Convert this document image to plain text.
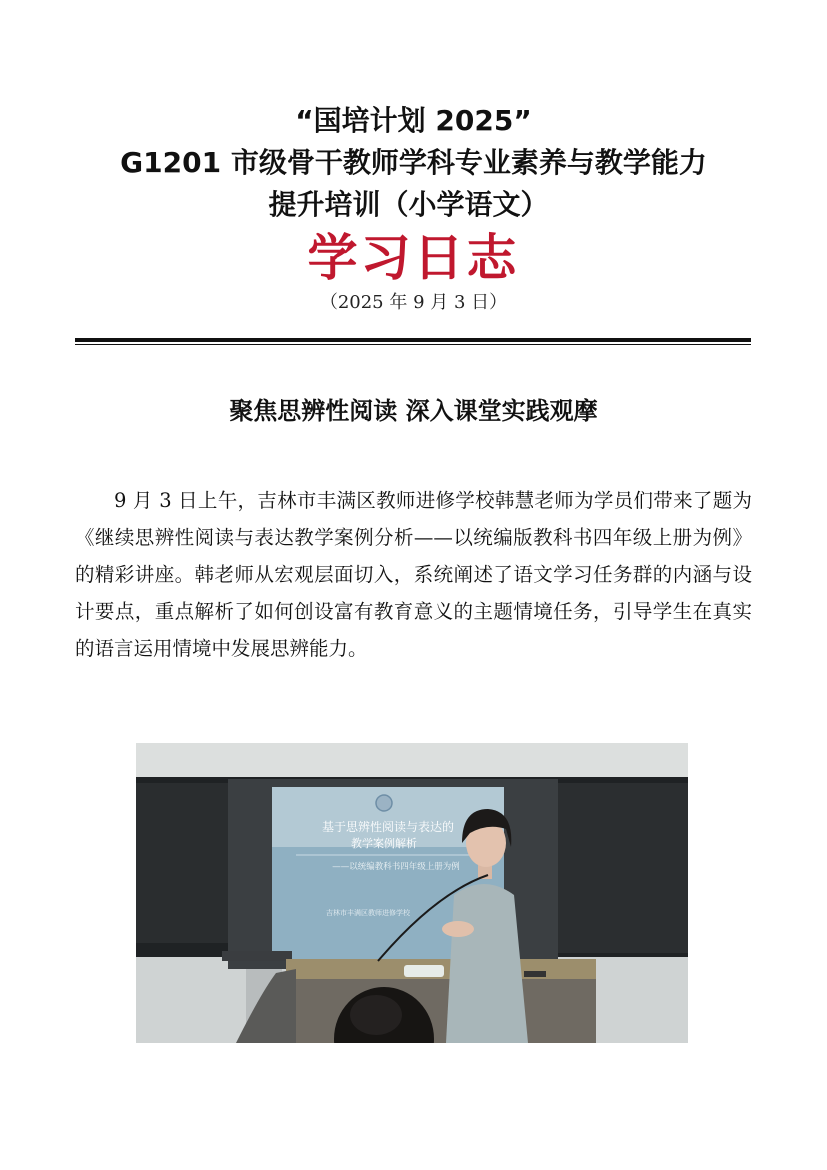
“国培计划 2025”
G1201 市级骨干教师学科专业素养与教学能力
提升培训（小学语文）
学习日志
（2025 年 9 月 3 日）
聚焦思辨性阅读 深入课堂实践观摩

9 月 3 日上午，吉林市丰满区教师进修学校韩慧老师为学员们带来了题为《继续思辨性阅读与表达教学案例分析——以统编版教科书四年级上册为例》的精彩讲座。韩老师从宏观层面切入，系统阐述了语文学习任务群的内涵与设计要点，重点解析了如何创设富有教育意义的主题情境任务，引导学生在真实的语言运用情境中发展思辨能力。

基于思辨性阅读与表达的
教学案例解析
——以统编教科书四年级上册为例
吉林市丰满区教师进修学校
